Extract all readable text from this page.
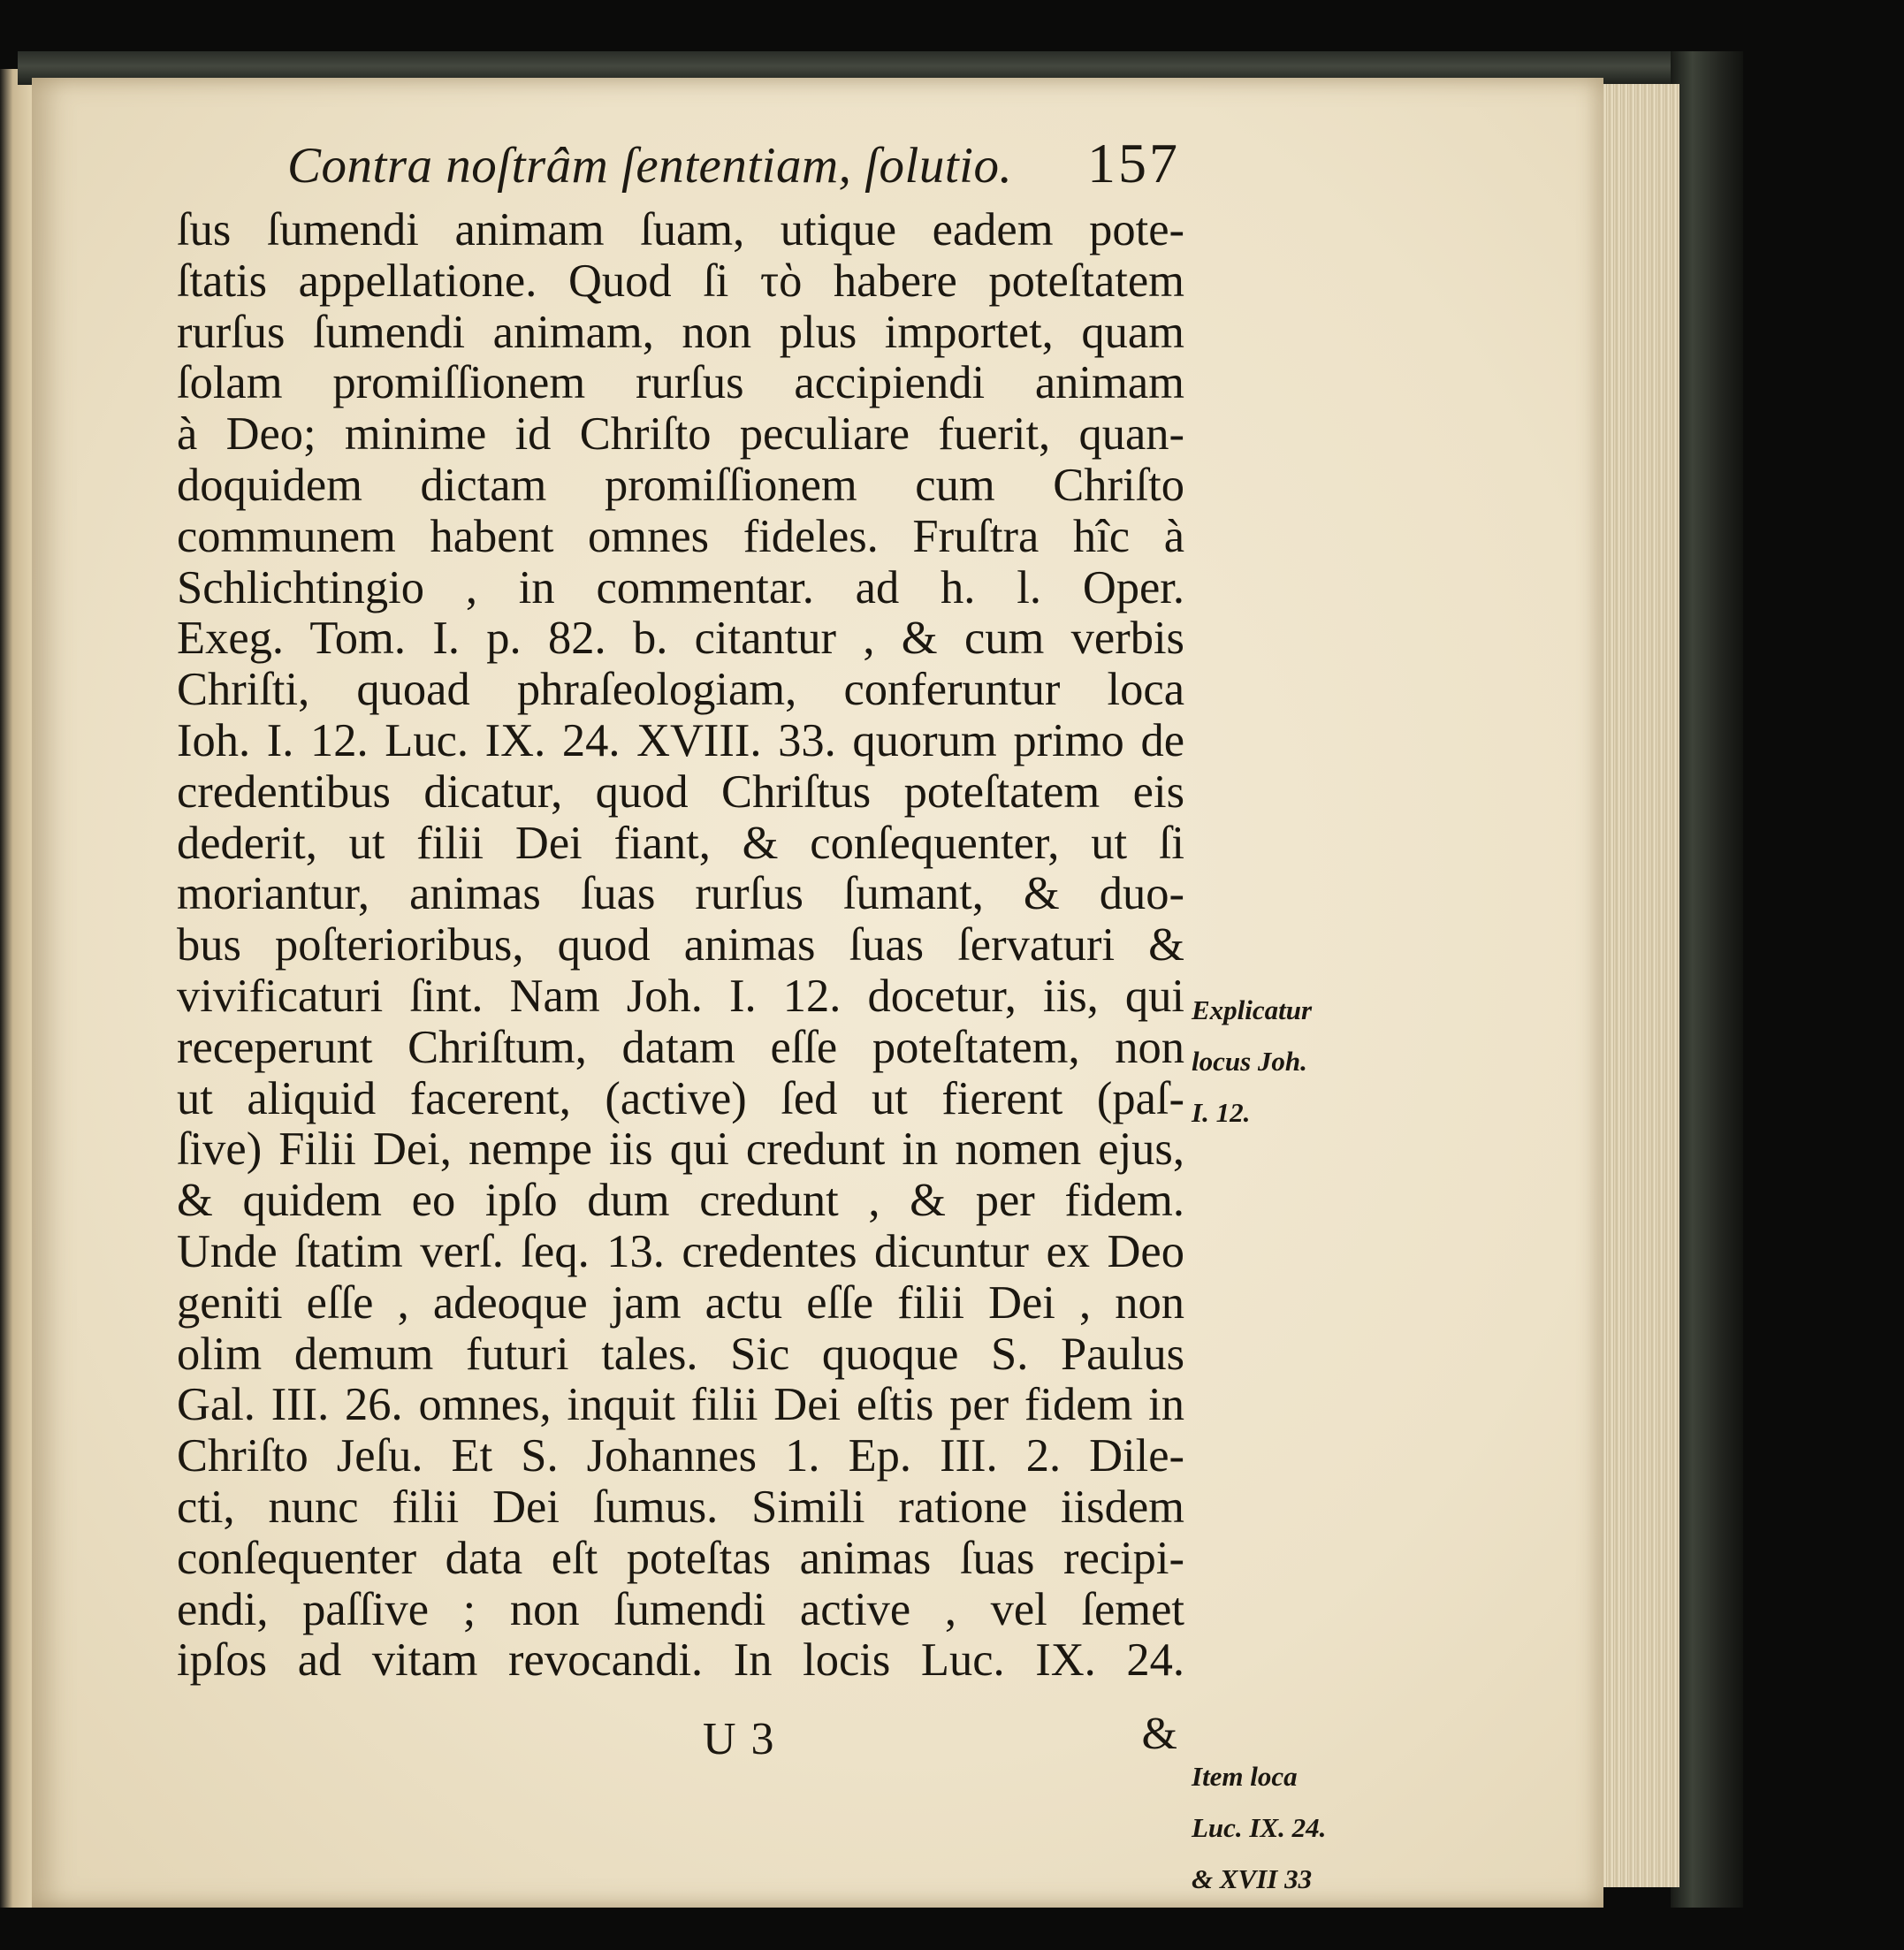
Contra noſtrâm ſententiam, ſolutio. 157
ſus ſumendi animam ſuam, utique eadem pote-
ſtatis appellatione. Quod ſi τὸ habere poteſtatem
rurſus ſumendi animam, non plus importet, quam
ſolam promiſſionem rurſus accipiendi animam
à Deo; minime id Chriſto peculiare fuerit, quan-
doquidem dictam promiſſionem cum Chriſto
communem habent omnes fideles. Fruſtra hîc à
Schlichtingio , in commentar. ad h. l. Oper.
Exeg. Tom. I. p. 82. b. citantur , & cum verbis
Chriſti, quoad phraſeologiam, conferuntur loca
Ioh. I. 12. Luc. IX. 24. XVIII. 33. quorum primo de
credentibus dicatur, quod Chriſtus poteſtatem eis
dederit, ut filii Dei fiant, & conſequenter, ut ſi
moriantur, animas ſuas rurſus ſumant, & duo-
bus poſterioribus, quod animas ſuas ſervaturi &
vivificaturi ſint. Nam Joh. I. 12. docetur, iis, qui
receperunt Chriſtum, datam eſſe poteſtatem, non
ut aliquid facerent, (active) ſed ut fierent (paſ-
ſive) Filii Dei, nempe iis qui credunt in nomen ejus,
& quidem eo ipſo dum credunt , & per fidem.
Unde ſtatim verſ. ſeq. 13. credentes dicuntur ex Deo
geniti eſſe , adeoque jam actu eſſe filii Dei , non
olim demum futuri tales. Sic quoque S. Paulus
Gal. III. 26. omnes, inquit filii Dei eſtis per fidem in
Chriſto Jeſu. Et S. Johannes 1. Ep. III. 2. Dile-
cti, nunc filii Dei ſumus. Simili ratione iisdem
conſequenter data eſt poteſtas animas ſuas recipi-
endi, paſſive ; non ſumendi active , vel ſemet
ipſos ad vitam revocandi. In locis Luc. IX. 24.
Explicatur
locus Joh.
I. 12.
Item loca
Luc. IX. 24.
& XVII 33
U 3	&
